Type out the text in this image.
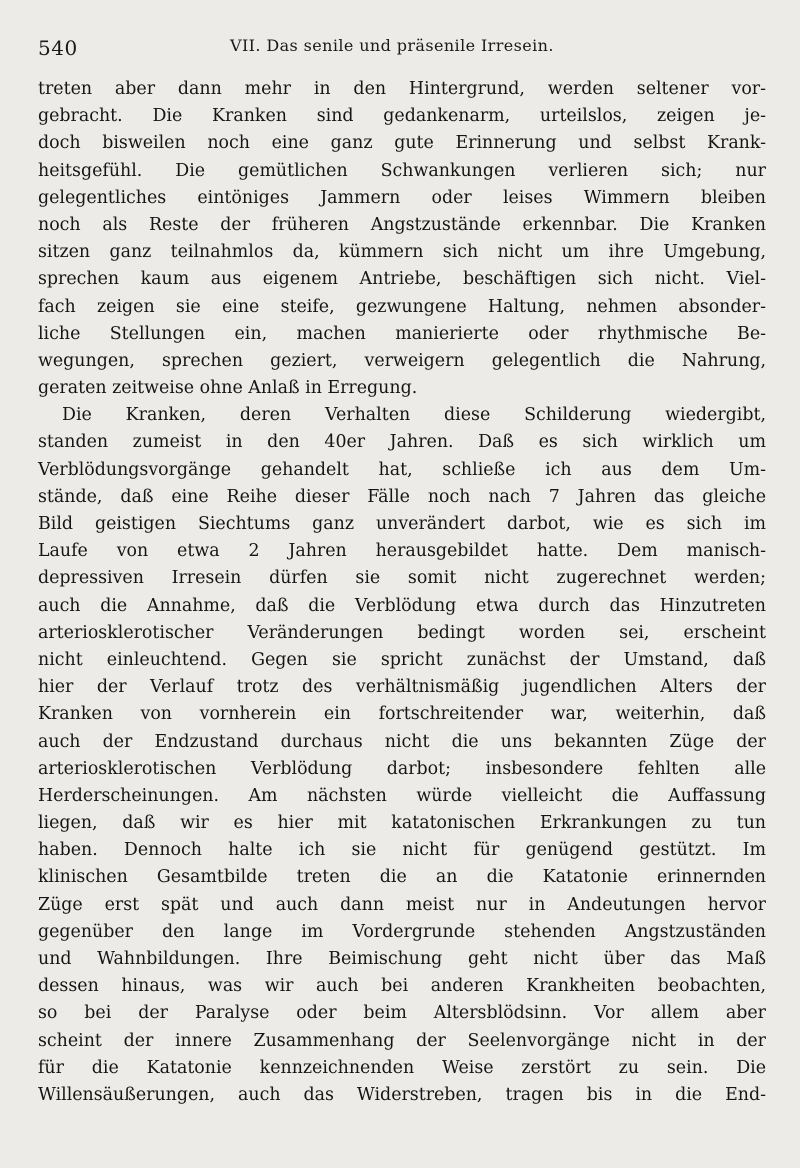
540	VII. Das senile und präsenile Irresein.
treten aber dann mehr in den Hintergrund, werden seltener vor-
gebracht. Die Kranken sind gedankenarm, urteilslos, zeigen je-
doch bisweilen noch eine ganz gute Erinnerung und selbst Krank-
heitsgefühl. Die gemütlichen Schwankungen verlieren sich; nur
gelegentliches eintöniges Jammern oder leises Wimmern bleiben
noch als Reste der früheren Angstzustände erkennbar. Die Kranken
sitzen ganz teilnahmlos da, kümmern sich nicht um ihre Umgebung,
sprechen kaum aus eigenem Antriebe, beschäftigen sich nicht. Viel-
fach zeigen sie eine steife, gezwungene Haltung, nehmen absonder-
liche Stellungen ein, machen manierierte oder rhythmische Be-
wegungen, sprechen geziert, verweigern gelegentlich die Nahrung,
geraten zeitweise ohne Anlaß in Erregung.
Die Kranken, deren Verhalten diese Schilderung wiedergibt,
standen zumeist in den 40er Jahren. Daß es sich wirklich um
Verblödungsvorgänge gehandelt hat, schließe ich aus dem Um-
stände, daß eine Reihe dieser Fälle noch nach 7 Jahren das gleiche
Bild geistigen Siechtums ganz unverändert darbot, wie es sich im
Laufe von etwa 2 Jahren herausgebildet hatte. Dem manisch-
depressiven Irresein dürfen sie somit nicht zugerechnet werden;
auch die Annahme, daß die Verblödung etwa durch das Hinzutreten
arteriosklerotischer Veränderungen bedingt worden sei, erscheint
nicht einleuchtend. Gegen sie spricht zunächst der Umstand, daß
hier der Verlauf trotz des verhältnismäßig jugendlichen Alters der
Kranken von vornherein ein fortschreitender war, weiterhin, daß
auch der Endzustand durchaus nicht die uns bekannten Züge der
arteriosklerotischen Verblödung darbot; insbesondere fehlten alle
Herderscheinungen. Am nächsten würde vielleicht die Auffassung
liegen, daß wir es hier mit katatonischen Erkrankungen zu tun
haben. Dennoch halte ich sie nicht für genügend gestützt. Im
klinischen Gesamtbilde treten die an die Katatonie erinnernden
Züge erst spät und auch dann meist nur in Andeutungen hervor
gegenüber den lange im Vordergrunde stehenden Angstzuständen
und Wahnbildungen. Ihre Beimischung geht nicht über das Maß
dessen hinaus, was wir auch bei anderen Krankheiten beobachten,
so bei der Paralyse oder beim Altersblödsinn. Vor allem aber
scheint der innere Zusammenhang der Seelenvorgänge nicht in der
für die Katatonie kennzeichnenden Weise zerstört zu sein. Die
Willensäußerungen, auch das Widerstreben, tragen bis in die End-
